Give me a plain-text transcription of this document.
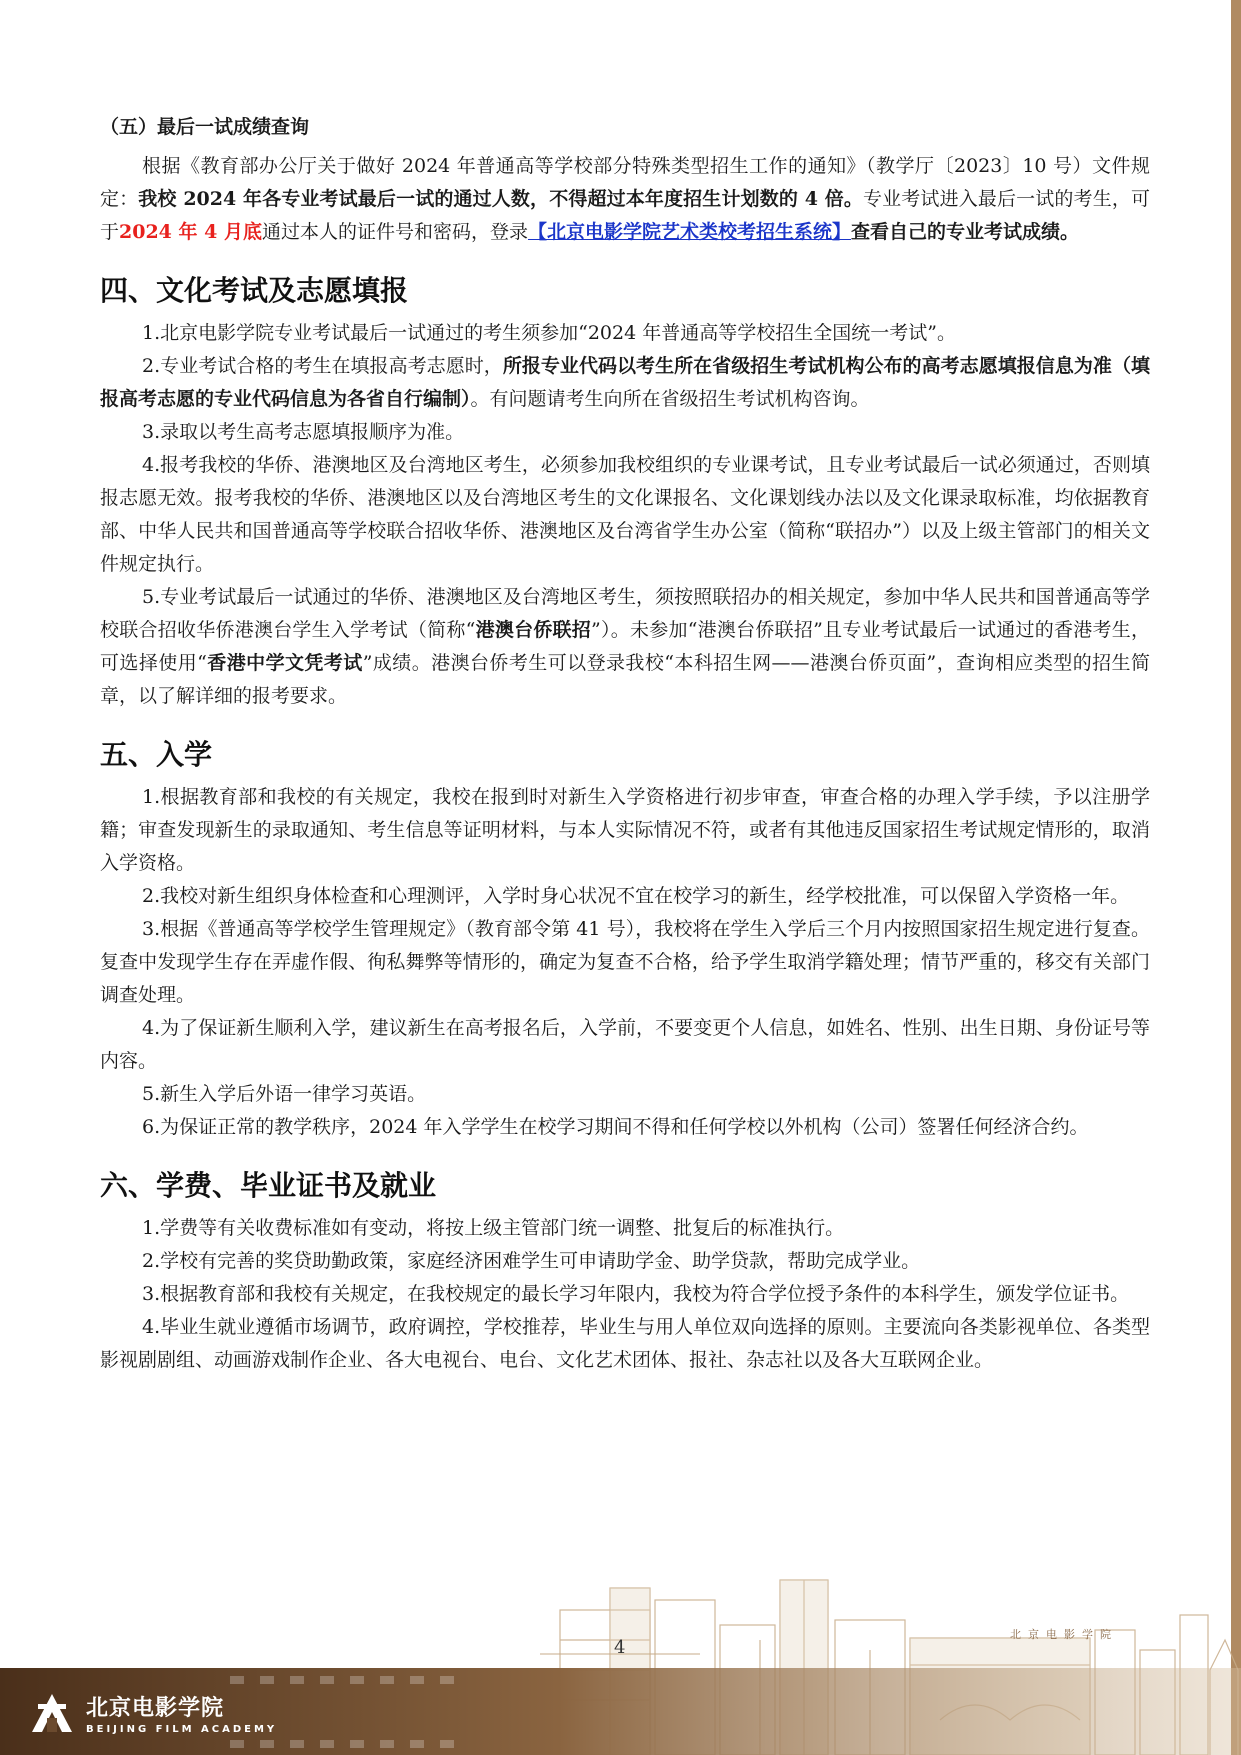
（五）最后一试成绩查询

根据《教育部办公厅关于做好 2024 年普通高等学校部分特殊类型招生工作的通知》（教学厅〔2023〕10 号）文件规定：我校 2024 年各专业考试最后一试的通过人数，不得超过本年度招生计划数的 4 倍。专业考试进入最后一试的考生，可于2024 年 4 月底通过本人的证件号和密码，登录【北京电影学院艺术类校考招生系统】查看自己的专业考试成绩。

四、文化考试及志愿填报

1.北京电影学院专业考试最后一试通过的考生须参加“2024 年普通高等学校招生全国统一考试”。

2.专业考试合格的考生在填报高考志愿时，所报专业代码以考生所在省级招生考试机构公布的高考志愿填报信息为准（填报高考志愿的专业代码信息为各省自行编制）。有问题请考生向所在省级招生考试机构咨询。

3.录取以考生高考志愿填报顺序为准。

4.报考我校的华侨、港澳地区及台湾地区考生，必须参加我校组织的专业课考试，且专业考试最后一试必须通过，否则填报志愿无效。报考我校的华侨、港澳地区以及台湾地区考生的文化课报名、文化课划线办法以及文化课录取标准，均依据教育部、中华人民共和国普通高等学校联合招收华侨、港澳地区及台湾省学生办公室（简称“联招办”）以及上级主管部门的相关文件规定执行。

5.专业考试最后一试通过的华侨、港澳地区及台湾地区考生，须按照联招办的相关规定，参加中华人民共和国普通高等学校联合招收华侨港澳台学生入学考试（简称“港澳台侨联招”）。未参加“港澳台侨联招”且专业考试最后一试通过的香港考生，可选择使用“香港中学文凭考试”成绩。港澳台侨考生可以登录我校“本科招生网——港澳台侨页面”，查询相应类型的招生简章，以了解详细的报考要求。

五、入学

1.根据教育部和我校的有关规定，我校在报到时对新生入学资格进行初步审查，审查合格的办理入学手续，予以注册学籍；审查发现新生的录取通知、考生信息等证明材料，与本人实际情况不符，或者有其他违反国家招生考试规定情形的，取消入学资格。

2.我校对新生组织身体检查和心理测评，入学时身心状况不宜在校学习的新生，经学校批准，可以保留入学资格一年。

3.根据《普通高等学校学生管理规定》（教育部令第 41 号），我校将在学生入学后三个月内按照国家招生规定进行复查。复查中发现学生存在弄虚作假、徇私舞弊等情形的，确定为复查不合格，给予学生取消学籍处理；情节严重的，移交有关部门调查处理。

4.为了保证新生顺利入学，建议新生在高考报名后，入学前，不要变更个人信息，如姓名、性别、出生日期、身份证号等内容。

5.新生入学后外语一律学习英语。

6.为保证正常的教学秩序，2024 年入学学生在校学习期间不得和任何学校以外机构（公司）签署任何经济合约。

六、学费、毕业证书及就业

1.学费等有关收费标准如有变动，将按上级主管部门统一调整、批复后的标准执行。

2.学校有完善的奖贷助勤政策，家庭经济困难学生可申请助学金、助学贷款，帮助完成学业。

3.根据教育部和我校有关规定，在我校规定的最长学习年限内，我校为符合学位授予条件的本科学生，颁发学位证书。

4.毕业生就业遵循市场调节，政府调控，学校推荐，毕业生与用人单位双向选择的原则。主要流向各类影视单位、各类型影视剧剧组、动画游戏制作企业、各大电视台、电台、文化艺术团体、报社、杂志社以及各大互联网企业。

北京电影学院
4
北京电影学院
BEIJING FILM ACADEMY
